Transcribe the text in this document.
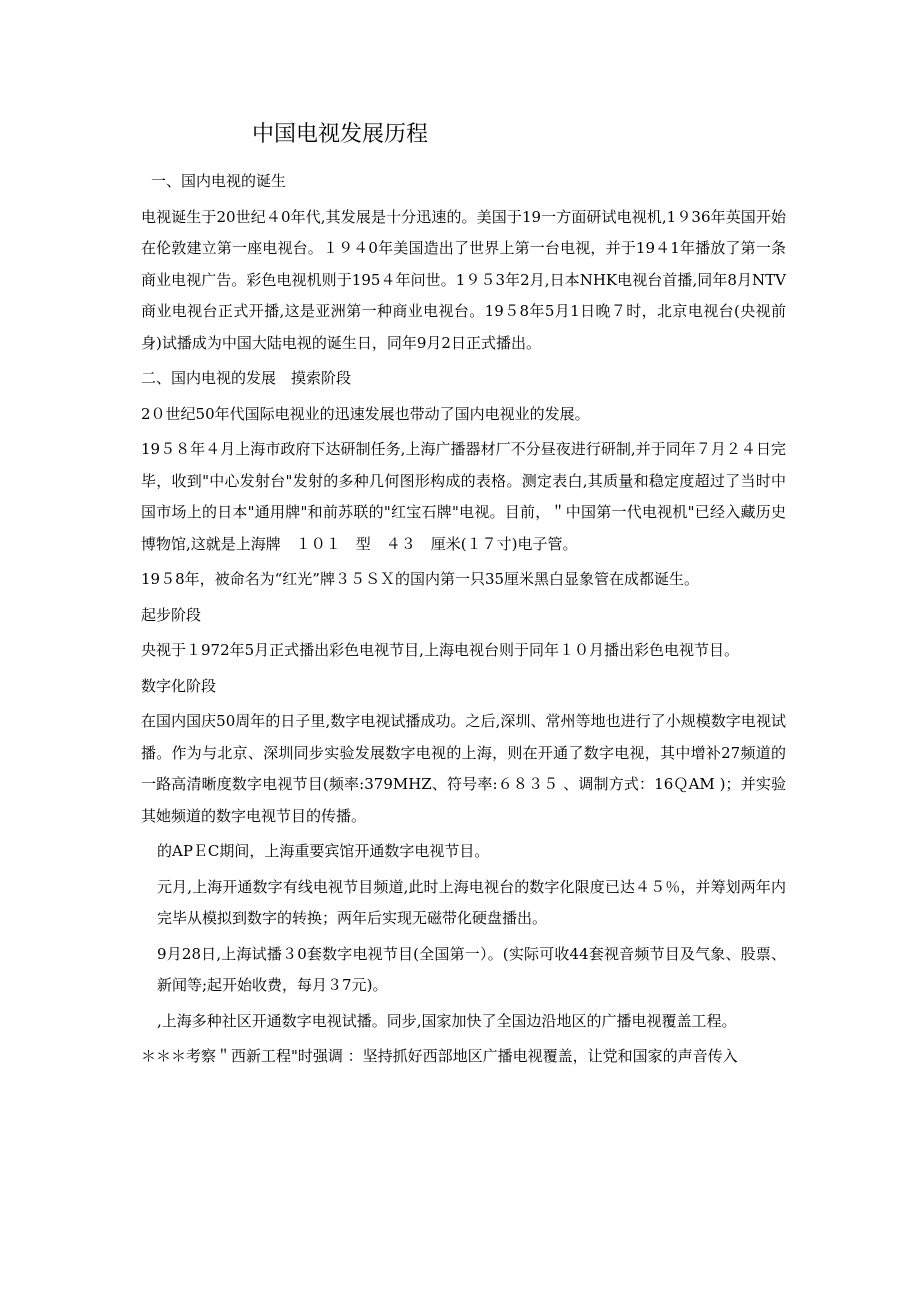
中国电视发展历程
一、国内电视的诞生
电视诞生于20世纪４0年代,其发展是十分迅速的。美国于19一方面研试电视机,1９36年英国开始在伦敦建立第一座电视台。１９４0年美国造出了世界上第一台电视，并于19４1年播放了第一条商业电视广告。彩色电视机则于195４年问世。1９５3年2月,日本NHK电视台首播,同年8月NTV商业电视台正式开播,这是亚洲第一种商业电视台。19５8年5月1日晚７时，北京电视台(央视前身)试播成为中国大陆电视的诞生日，同年9月2日正式播出。
二、国内电视的发展　摸索阶段
2０世纪50年代国际电视业的迅速发展也带动了国内电视业的发展。
19５８年４月上海市政府下达研制任务,上海广播器材厂不分昼夜进行研制,并于同年７月２４日完毕，收到"中心发射台"发射的多种几何图形构成的表格。测定表白,其质量和稳定度超过了当时中国市场上的日本"通用牌"和前苏联的"红宝石牌"电视。目前，＂中国第一代电视机"已经入藏历史博物馆,这就是上海牌　１０１　型　４３　厘米(１７寸)电子管。
19５8年，被命名为“红光”牌３５ＳＸ的国内第一只35厘米黑白显象管在成都诞生。
起步阶段
央视于１972年5月正式播出彩色电视节目,上海电视台则于同年１０月播出彩色电视节目。
数字化阶段
在国内国庆50周年的日子里,数字电视试播成功。之后,深圳、常州等地也进行了小规模数字电视试播。作为与北京、深圳同步实验发展数字电视的上海，则在开通了数字电视，其中增补27频道的一路高清晰度数字电视节目(频率:379MHZ、符号率:６８３５ 、调制方式：16ＱAM )；并实验其她频道的数字电视节目的传播。
的APＥC期间，上海重要宾馆开通数字电视节目。
元月,上海开通数字有线电视节目频道,此时上海电视台的数字化限度已达４５％，并筹划两年内完毕从模拟到数字的转换；两年后实现无磁带化硬盘播出。
9月28日,上海试播３0套数字电视节目(全国第一）。(实际可收44套视音频节目及气象、股票、新闻等;起开始收费，每月３7元)。
,上海多种社区开通数字电视试播。同步,国家加快了全国边沿地区的广播电视覆盖工程。
＊＊＊考察＂西新工程"时强调 ：坚持抓好西部地区广播电视覆盖，让党和国家的声音传入
